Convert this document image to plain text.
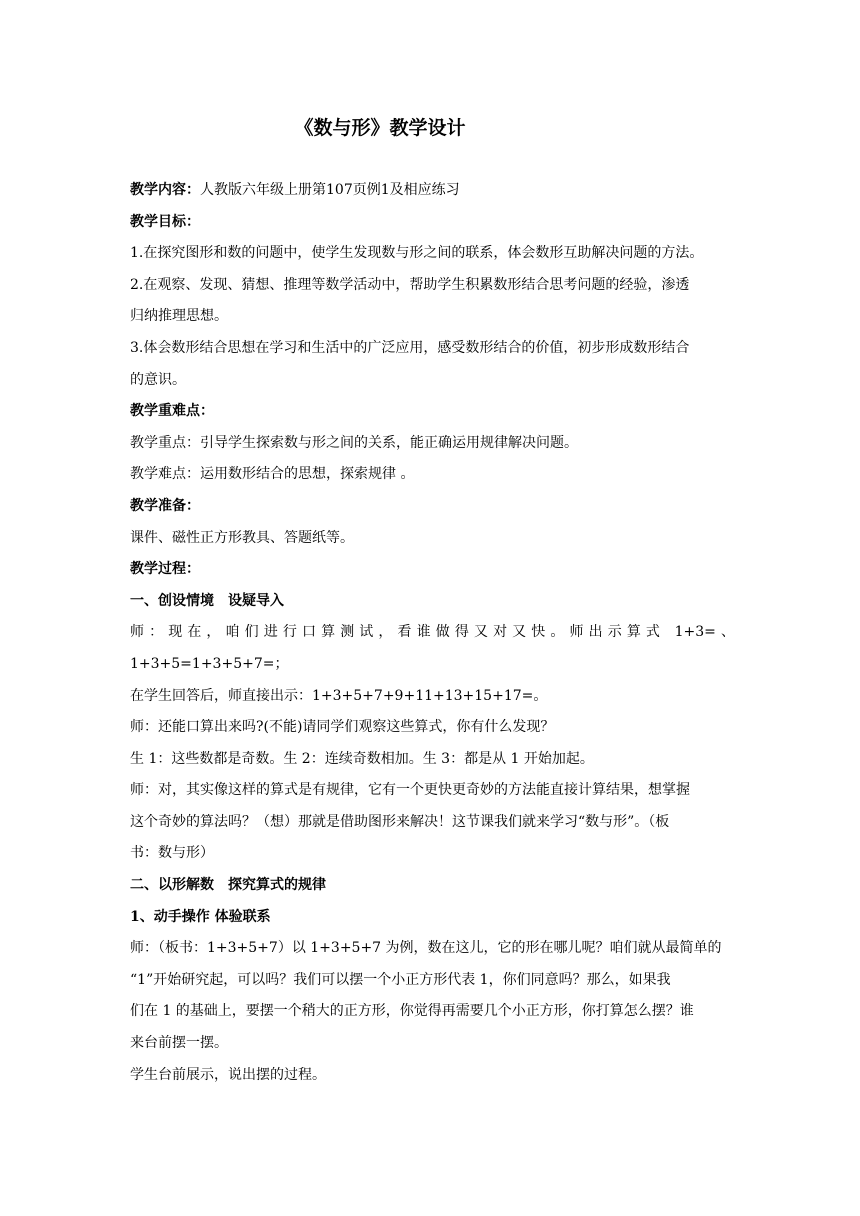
《数与形》教学设计

教学内容：人教版六年级上册第107页例1及相应练习

教学目标：

1.在探究图形和数的问题中，使学生发现数与形之间的联系，体会数形互助解决问题的方法。

2.在观察、发现、猜想、推理等数学活动中，帮助学生积累数形结合思考问题的经验，渗透

归纳推理思想。

3.体会数形结合思想在学习和生活中的广泛应用，感受数形结合的价值，初步形成数形结合

的意识。

教学重难点：

教学重点：引导学生探索数与形之间的关系，能正确运用规律解决问题。

教学难点：运用数形结合的思想，探索规律 。

教学准备：

课件、磁性正方形教具、答题纸等。

教学过程：

一、创设情境　设疑导入

师：现在，咱们进行口算测试，看谁做得又对又快。师出示算式 1+3=、1+3+5=1+3+5+7=；

在学生回答后，师直接出示：1+3+5+7+9+11+13+15+17=。

师：还能口算出来吗?(不能)请同学们观察这些算式，你有什么发现？

生 1：这些数都是奇数。生 2：连续奇数相加。生 3：都是从 1 开始加起。

师：对，其实像这样的算式是有规律，它有一个更快更奇妙的方法能直接计算结果，想掌握

这个奇妙的算法吗？（想）那就是借助图形来解决！这节课我们就来学习“数与形”。（板

书：数与形）

二、以形解数　探究算式的规律

1、动手操作 体验联系

师：（板书：1+3+5+7）以 1+3+5+7 为例，数在这儿，它的形在哪儿呢？咱们就从最简单的

“1”开始研究起，可以吗？我们可以摆一个小正方形代表 1，你们同意吗？那么，如果我

们在 1 的基础上，要摆一个稍大的正方形，你觉得再需要几个小正方形，你打算怎么摆？谁

来台前摆一摆。

学生台前展示，说出摆的过程。
